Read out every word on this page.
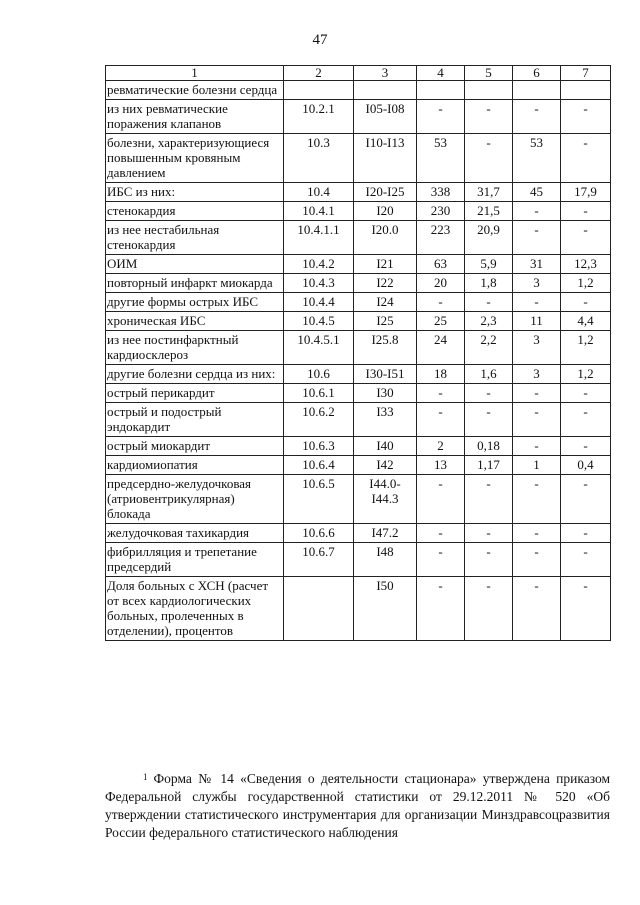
47
1	2	3	4	5	6	7
ревматические болезни сердца						
из них ревматические поражения клапанов	10.2.1	I05-I08	-	-	-	-
болезни, характеризующиеся повышенным кровяным давлением	10.3	I10-I13	53	-	53	-
ИБС из них:	10.4	I20-I25	338	31,7	45	17,9
стенокардия	10.4.1	I20	230	21,5	-	-
из нее нестабильная стенокардия	10.4.1.1	I20.0	223	20,9	-	-
ОИМ	10.4.2	I21	63	5,9	31	12,3
повторный инфаркт миокарда	10.4.3	I22	20	1,8	3	1,2
другие формы острых ИБС	10.4.4	I24	-	-	-	-
хроническая ИБС	10.4.5	I25	25	2,3	11	4,4
из нее постинфарктный кардиосклероз	10.4.5.1	I25.8	24	2,2	3	1,2
другие болезни сердца из них:	10.6	I30-I51	18	1,6	3	1,2
острый перикардит	10.6.1	I30	-	-	-	-
острый и подострый эндокардит	10.6.2	I33	-	-	-	-
острый миокардит	10.6.3	I40	2	0,18	-	-
кардиомиопатия	10.6.4	I42	13	1,17	1	0,4
предсердно-желудочковая (атриовентрикулярная) блокада	10.6.5	I44.0-I44.3	-	-	-	-
желудочковая тахикардия	10.6.6	I47.2	-	-	-	-
фибрилляция и трепетание предсердий	10.6.7	I48	-	-	-	-
Доля больных с ХСН (расчет от всех кардиологических больных, пролеченных в отделении), процентов		I50	-	-	-	-
$^1$ Форма № 14 «Сведения о деятельности стационара» утверждена приказом Федеральной службы государственной статистики от 29.12.2011 № 520 «Об утверждении статистического инструментария для организации Минздравсоцразвития России федерального статистического наблюдения
